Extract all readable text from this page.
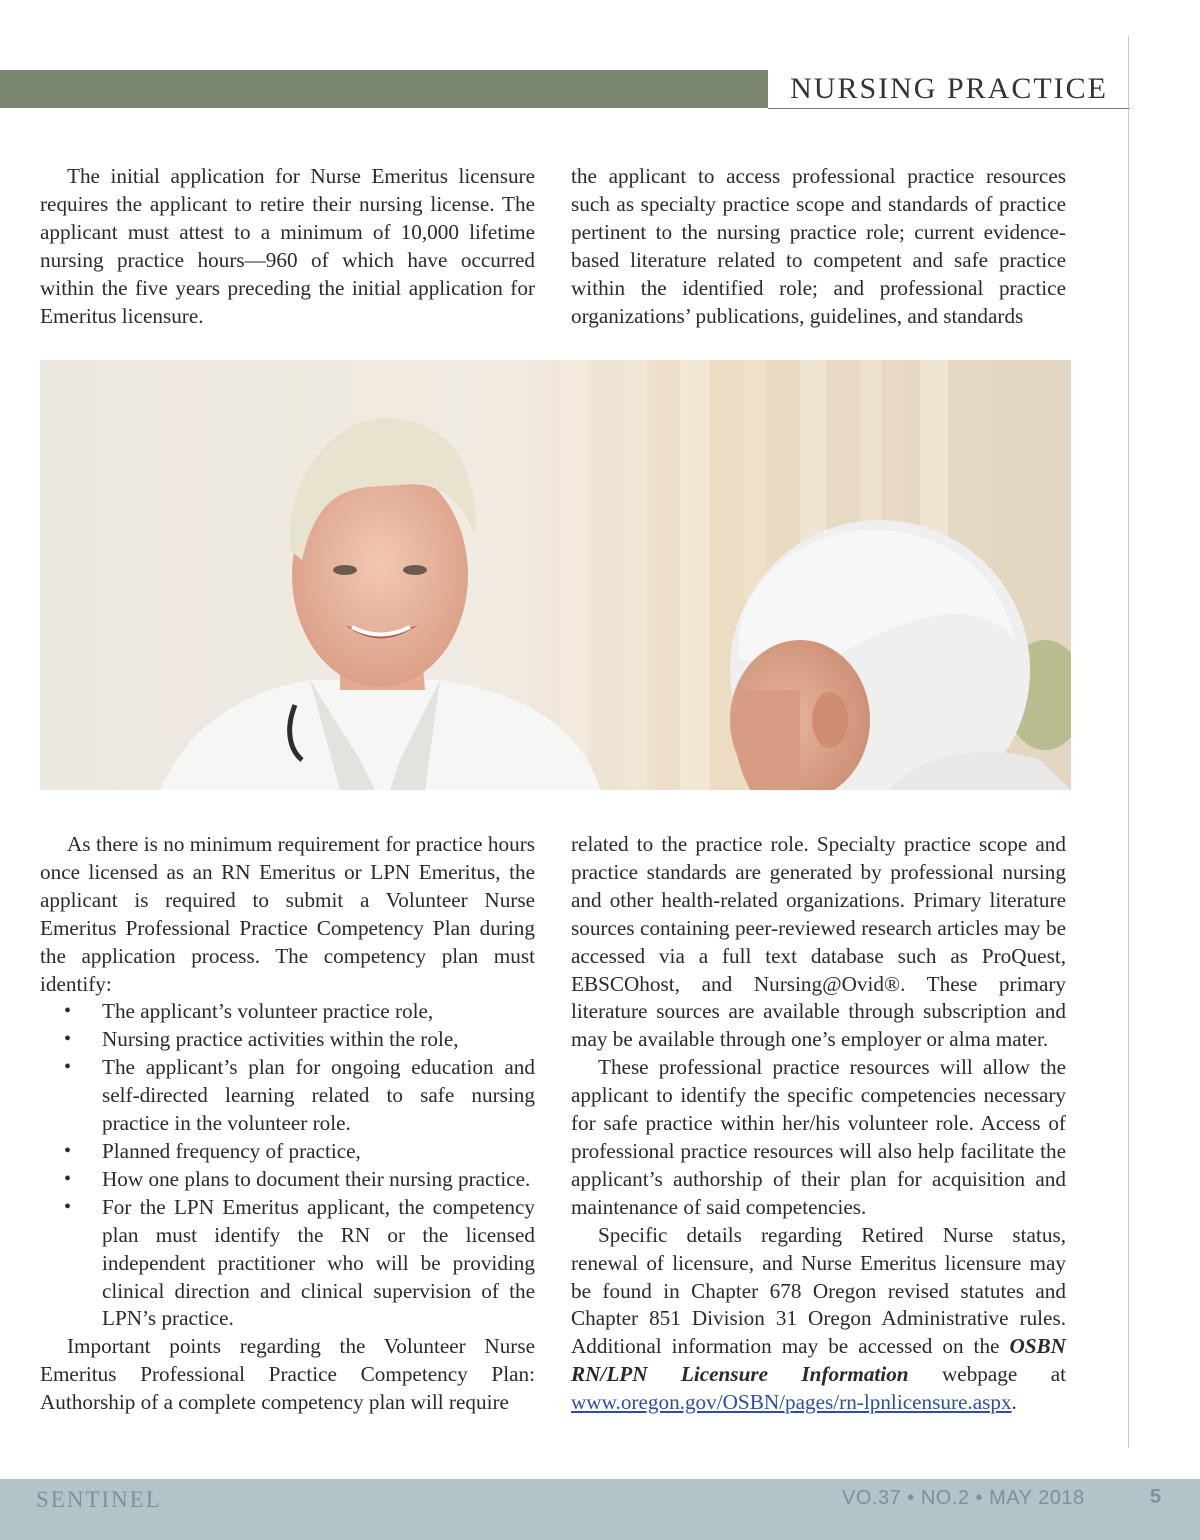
NURSING PRACTICE

The initial application for Nurse Emeritus licensure requires the applicant to retire their nursing license. The applicant must attest to a minimum of 10,000 lifetime nursing practice hours—960 of which have occurred within the five years preceding the initial application for Emeritus licensure.

the applicant to access professional practice resources such as specialty practice scope and standards of practice pertinent to the nursing practice role; current evidence-based literature related to competent and safe practice within the identified role; and professional practice organizations’ publications, guidelines, and standards

As there is no minimum requirement for practice hours once licensed as an RN Emeritus or LPN Emeritus, the applicant is required to submit a Volunteer Nurse Emeritus Professional Practice Competency Plan during the application process. The competency plan must identify:

• The applicant’s volunteer practice role,
• Nursing practice activities within the role,
• The applicant’s plan for ongoing education and self-directed learning related to safe nursing practice in the volunteer role.
• Planned frequency of practice,
• How one plans to document their nursing practice.
• For the LPN Emeritus applicant, the competency plan must identify the RN or the licensed independent practitioner who will be providing clinical direction and clinical supervision of the LPN’s practice.

Important points regarding the Volunteer Nurse Emeritus Professional Practice Competency Plan: Authorship of a complete competency plan will require

related to the practice role. Specialty practice scope and practice standards are generated by professional nursing and other health-related organizations. Primary literature sources containing peer-reviewed research articles may be accessed via a full text database such as ProQuest, EBSCOhost, and Nursing@Ovid®. These primary literature sources are available through subscription and may be available through one’s employer or alma mater.

These professional practice resources will allow the applicant to identify the specific competencies necessary for safe practice within her/his volunteer role. Access of professional practice resources will also help facilitate the applicant’s authorship of their plan for acquisition and maintenance of said competencies.

Specific details regarding Retired Nurse status, renewal of licensure, and Nurse Emeritus licensure may be found in Chapter 678 Oregon revised statutes and Chapter 851 Division 31 Oregon Administrative rules. Additional information may be accessed on the OSBN RN/LPN Licensure Information webpage at www.oregon.gov/OSBN/pages/rn-lpnlicensure.aspx.

SENTINEL	VO.37 • NO.2 • MAY 2018	5
